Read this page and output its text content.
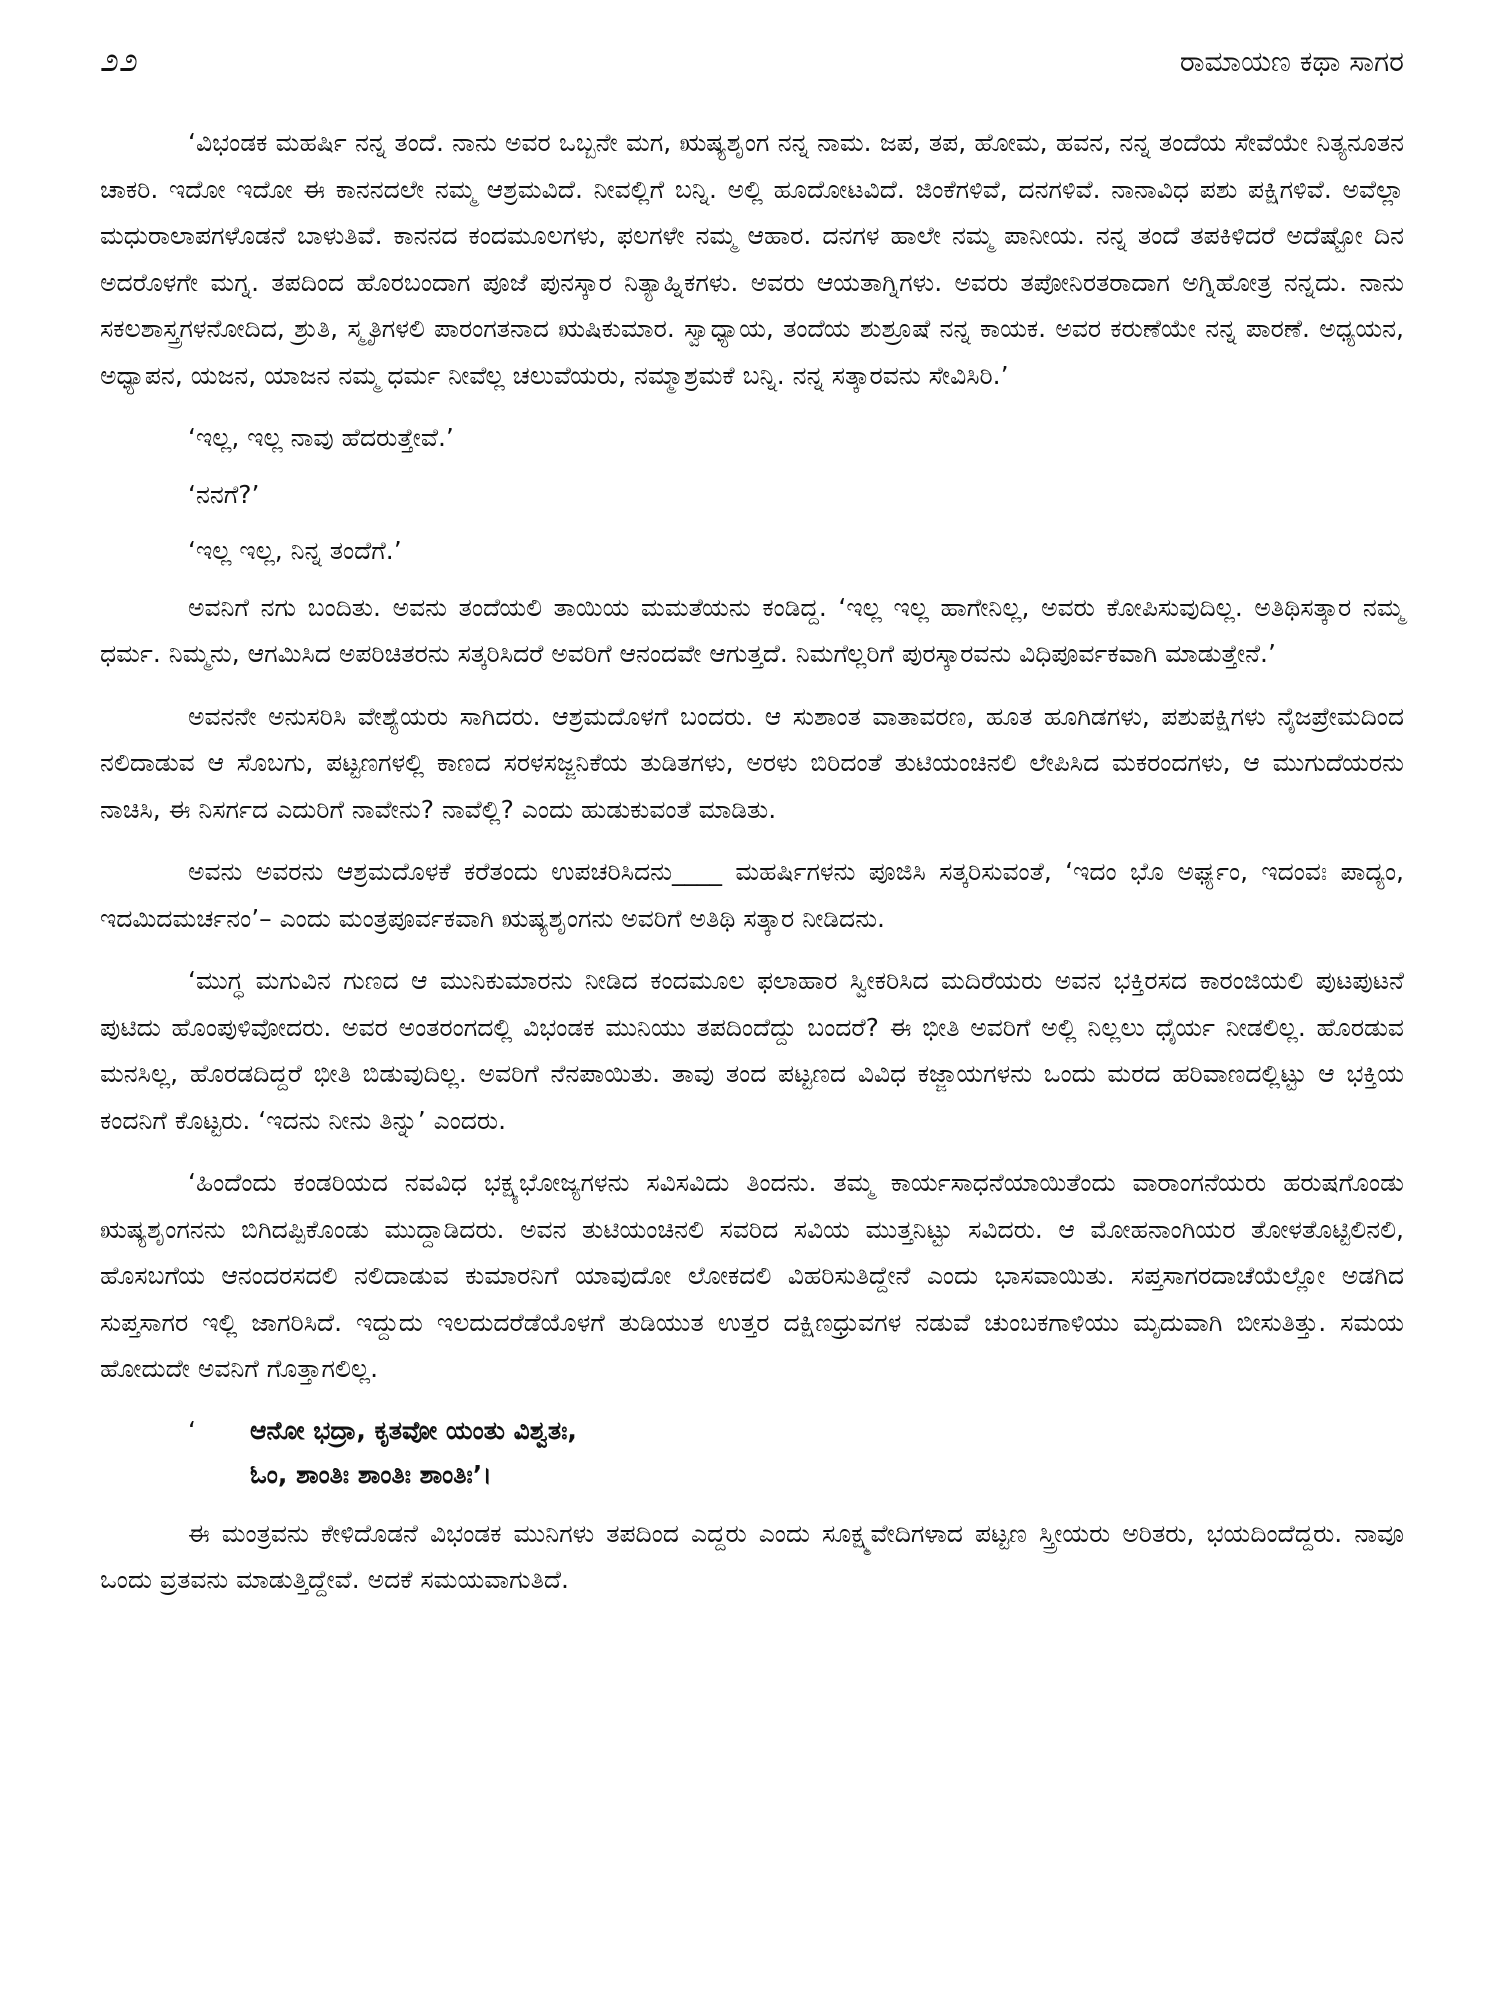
೨೨	ರಾಮಾಯಣ ಕಥಾ ಸಾಗರ

‘ವಿಭಂಡಕ ಮಹರ್ಷಿ ನನ್ನ ತಂದೆ. ನಾನು ಅವರ ಒಬ್ಬನೇ ಮಗ, ಋಷ್ಯಶೃಂಗ ನನ್ನ ನಾಮ. ಜಪ, ತಪ, ಹೋಮ, ಹವನ, ನನ್ನ ತಂದೆಯ ಸೇವೆಯೇ ನಿತ್ಯನೂತನ ಚಾಕರಿ. ಇದೋ ಇದೋ ಈ ಕಾನನದಲೇ ನಮ್ಮ ಆಶ್ರಮವಿದೆ. ನೀವಲ್ಲಿಗೆ ಬನ್ನಿ. ಅಲ್ಲಿ ಹೂದೋಟವಿದೆ. ಜಿಂಕೆಗಳಿವೆ, ದನಗಳಿವೆ. ನಾನಾವಿಧ ಪಶು ಪಕ್ಷಿಗಳಿವೆ. ಅವೆಲ್ಲಾ ಮಧುರಾಲಾಪಗಳೊಡನೆ ಬಾಳುತಿವೆ. ಕಾನನದ ಕಂದಮೂಲಗಳು, ಫಲಗಳೇ ನಮ್ಮ ಆಹಾರ. ದನಗಳ ಹಾಲೇ ನಮ್ಮ ಪಾನೀಯ. ನನ್ನ ತಂದೆ ತಪಕಿಳಿದರೆ ಅದೆಷ್ಟೋ ದಿನ ಅದರೊಳಗೇ ಮಗ್ನ. ತಪದಿಂದ ಹೊರಬಂದಾಗ ಪೂಜೆ ಪುನಸ್ಕಾರ ನಿತ್ಯಾಹ್ನಿಕಗಳು. ಅವರು ಆಯತಾಗ್ನಿಗಳು. ಅವರು ತಪೋನಿರತರಾದಾಗ ಅಗ್ನಿಹೋತ್ರ ನನ್ನದು. ನಾನು ಸಕಲಶಾಸ್ತ್ರಗಳನೋದಿದ, ಶ್ರುತಿ, ಸ್ಮೃತಿಗಳಲಿ ಪಾರಂಗತನಾದ ಋಷಿಕುಮಾರ. ಸ್ವಾಧ್ಯಾಯ, ತಂದೆಯ ಶುಶ್ರೂಷೆ ನನ್ನ ಕಾಯಕ. ಅವರ ಕರುಣೆಯೇ ನನ್ನ ಪಾರಣೆ. ಅಧ್ಯಯನ, ಅಧ್ಯಾಪನ, ಯಜನ, ಯಾಜನ ನಮ್ಮ ಧರ್ಮ ನೀವೆಲ್ಲ ಚಲುವೆಯರು, ನಮ್ಮಾಶ್ರಮಕೆ ಬನ್ನಿ. ನನ್ನ ಸತ್ಕಾರವನು ಸೇವಿಸಿರಿ.’

‘ಇಲ್ಲ, ಇಲ್ಲ ನಾವು ಹೆದರುತ್ತೇವೆ.’

‘ನನಗೆ?’

‘ಇಲ್ಲ ಇಲ್ಲ, ನಿನ್ನ ತಂದೆಗೆ.’

ಅವನಿಗೆ ನಗು ಬಂದಿತು. ಅವನು ತಂದೆಯಲಿ ತಾಯಿಯ ಮಮತೆಯನು ಕಂಡಿದ್ದ. ‘ಇಲ್ಲ ಇಲ್ಲ ಹಾಗೇನಿಲ್ಲ, ಅವರು ಕೋಪಿಸುವುದಿಲ್ಲ. ಅತಿಥಿಸತ್ಕಾರ ನಮ್ಮ ಧರ್ಮ. ನಿಮ್ಮನು, ಆಗಮಿಸಿದ ಅಪರಿಚಿತರನು ಸತ್ಕರಿಸಿದರೆ ಅವರಿಗೆ ಆನಂದವೇ ಆಗುತ್ತದೆ. ನಿಮಗೆಲ್ಲರಿಗೆ ಪುರಸ್ಕಾರವನು ವಿಧಿಪೂರ್ವಕವಾಗಿ ಮಾಡುತ್ತೇನೆ.’

ಅವನನೇ ಅನುಸರಿಸಿ ವೇಶ್ಯೆಯರು ಸಾಗಿದರು. ಆಶ್ರಮದೊಳಗೆ ಬಂದರು. ಆ ಸುಶಾಂತ ವಾತಾವರಣ, ಹೂತ ಹೂಗಿಡಗಳು, ಪಶುಪಕ್ಷಿಗಳು ನೈಜಪ್ರೇಮದಿಂದ ನಲಿದಾಡುವ ಆ ಸೊಬಗು, ಪಟ್ಟಣಗಳಲ್ಲಿ ಕಾಣದ ಸರಳಸಜ್ಜನಿಕೆಯ ತುಡಿತಗಳು, ಅರಳು ಬಿರಿದಂತೆ ತುಟಿಯಂಚಿನಲಿ ಲೇಪಿಸಿದ ಮಕರಂದಗಳು, ಆ ಮುಗುದೆಯರನು ನಾಚಿಸಿ, ಈ ನಿಸರ್ಗದ ಎದುರಿಗೆ ನಾವೇನು? ನಾವೆಲ್ಲಿ? ಎಂದು ಹುಡುಕುವಂತೆ ಮಾಡಿತು.

ಅವನು ಅವರನು ಆಶ್ರಮದೊಳಕೆ ಕರೆತಂದು ಉಪಚರಿಸಿದನು____ ಮಹರ್ಷಿಗಳನು ಪೂಜಿಸಿ ಸತ್ಕರಿಸುವಂತೆ, ‘ಇದಂ ಭೊ ಅರ್ಘ್ಯಂ, ಇದಂವಃ ಪಾದ್ಯಂ, ಇದಮಿದಮರ್ಚನಂ’– ಎಂದು ಮಂತ್ರಪೂರ್ವಕವಾಗಿ ಋಷ್ಯಶೃಂಗನು ಅವರಿಗೆ ಅತಿಥಿ ಸತ್ಕಾರ ನೀಡಿದನು.

‘ಮುಗ್ಧ ಮಗುವಿನ ಗುಣದ ಆ ಮುನಿಕುಮಾರನು ನೀಡಿದ ಕಂದಮೂಲ ಫಲಾಹಾರ ಸ್ವೀಕರಿಸಿದ ಮದಿರೆಯರು ಅವನ ಭಕ್ತಿರಸದ ಕಾರಂಜಿಯಲಿ ಪುಟಪುಟನೆ ಪುಟಿದು ಹೊಂಪುಳಿವೋದರು. ಅವರ ಅಂತರಂಗದಲ್ಲಿ ವಿಭಂಡಕ ಮುನಿಯು ತಪದಿಂದೆದ್ದು ಬಂದರೆ? ಈ ಭೀತಿ ಅವರಿಗೆ ಅಲ್ಲಿ ನಿಲ್ಲಲು ಧೈರ್ಯ ನೀಡಲಿಲ್ಲ. ಹೊರಡುವ ಮನಸಿಲ್ಲ, ಹೊರಡದಿದ್ದರೆ ಭೀತಿ ಬಿಡುವುದಿಲ್ಲ. ಅವರಿಗೆ ನೆನಪಾಯಿತು. ತಾವು ತಂದ ಪಟ್ಟಣದ ವಿವಿಧ ಕಜ್ಜಾಯಗಳನು ಒಂದು ಮರದ ಹರಿವಾಣದಲ್ಲಿಟ್ಟು ಆ ಭಕ್ತಿಯ ಕಂದನಿಗೆ ಕೊಟ್ಟರು. ‘ಇದನು ನೀನು ತಿನ್ನು’ ಎಂದರು.

‘ಹಿಂದೆಂದು ಕಂಡರಿಯದ ನವವಿಧ ಭಕ್ಷ್ಯಭೋಜ್ಯಗಳನು ಸವಿಸವಿದು ತಿಂದನು. ತಮ್ಮ ಕಾರ್ಯಸಾಧನೆಯಾಯಿತೆಂದು ವಾರಾಂಗನೆಯರು ಹರುಷಗೊಂಡು ಋಷ್ಯಶೃಂಗನನು ಬಿಗಿದಪ್ಪಿಕೊಂಡು ಮುದ್ದಾಡಿದರು. ಅವನ ತುಟಿಯಂಚಿನಲಿ ಸವರಿದ ಸವಿಯ ಮುತ್ತನಿಟ್ಟು ಸವಿದರು. ಆ ಮೋಹನಾಂಗಿಯರ ತೋಳತೊಟ್ಟಿಲಿನಲಿ, ಹೊಸಬಗೆಯ ಆನಂದರಸದಲಿ ನಲಿದಾಡುವ ಕುಮಾರನಿಗೆ ಯಾವುದೋ ಲೋಕದಲಿ ವಿಹರಿಸುತಿದ್ದೇನೆ ಎಂದು ಭಾಸವಾಯಿತು. ಸಪ್ತಸಾಗರದಾಚೆಯೆಲ್ಲೋ ಅಡಗಿದ ಸುಪ್ತಸಾಗರ ಇಲ್ಲಿ ಜಾಗರಿಸಿದೆ. ಇದ್ದುದು ಇಲದುದರೆಡೆಯೊಳಗೆ ತುಡಿಯುತ ಉತ್ತರ ದಕ್ಷಿಣಧ್ರುವಗಳ ನಡುವೆ ಚುಂಬಕಗಾಳಿಯು ಮೃದುವಾಗಿ ಬೀಸುತಿತ್ತು. ಸಮಯ ಹೋದುದೇ ಅವನಿಗೆ ಗೊತ್ತಾಗಲಿಲ್ಲ.

‘ ಆನೋ ಭದ್ರಾ, ಕೃತವೋ ಯಂತು ವಿಶ್ವತಃ,
ಓಂ, ಶಾಂತಿಃ ಶಾಂತಿಃ ಶಾಂತಿಃ’।

ಈ ಮಂತ್ರವನು ಕೇಳಿದೊಡನೆ ವಿಭಂಡಕ ಮುನಿಗಳು ತಪದಿಂದ ಎದ್ದರು ಎಂದು ಸೂಕ್ಷ್ಮವೇದಿಗಳಾದ ಪಟ್ಟಣ ಸ್ತ್ರೀಯರು ಅರಿತರು, ಭಯದಿಂದೆದ್ದರು. ನಾವೂ ಒಂದು ವ್ರತವನು ಮಾಡುತ್ತಿದ್ದೇವೆ. ಅದಕೆ ಸಮಯವಾಗುತಿದೆ.
